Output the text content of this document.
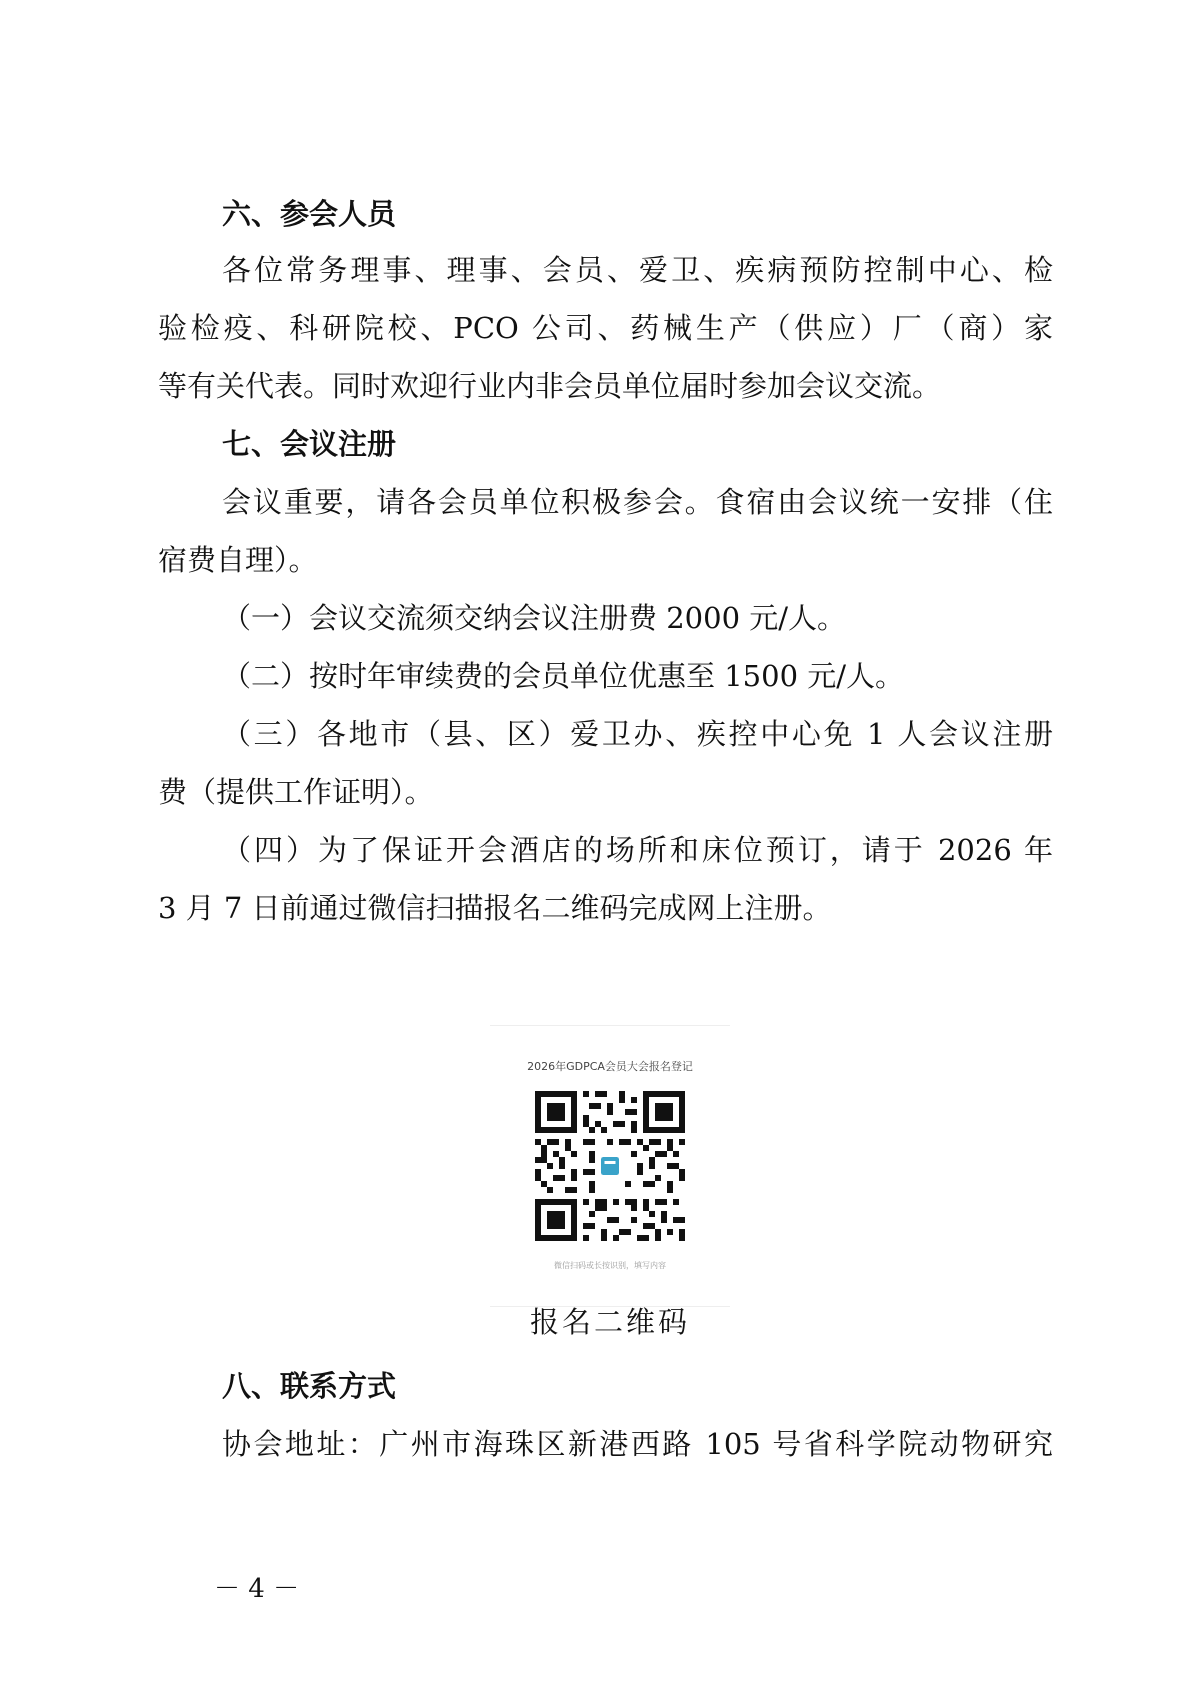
六、参会人员
各位常务理事、理事、会员、爱卫、疾病预防控制中心、检
验检疫、科研院校、PCO 公司、药械生产（供应）厂（商）家
等有关代表。同时欢迎行业内非会员单位届时参加会议交流。
七、会议注册
会议重要，请各会员单位积极参会。食宿由会议统一安排（住
宿费自理）。
（一）会议交流须交纳会议注册费 2000 元/人。
（二）按时年审续费的会员单位优惠至 1500 元/人。
（三）各地市（县、区）爱卫办、疾控中心免 1 人会议注册
费（提供工作证明）。
（四）为了保证开会酒店的场所和床位预订，请于 2026 年
3 月 7 日前通过微信扫描报名二维码完成网上注册。
2026年GDPCA会员大会报名登记
微信扫码或长按识别，填写内容
报名二维码
八、联系方式
协会地址：广州市海珠区新港西路 105 号省科学院动物研究
－ 4 －
